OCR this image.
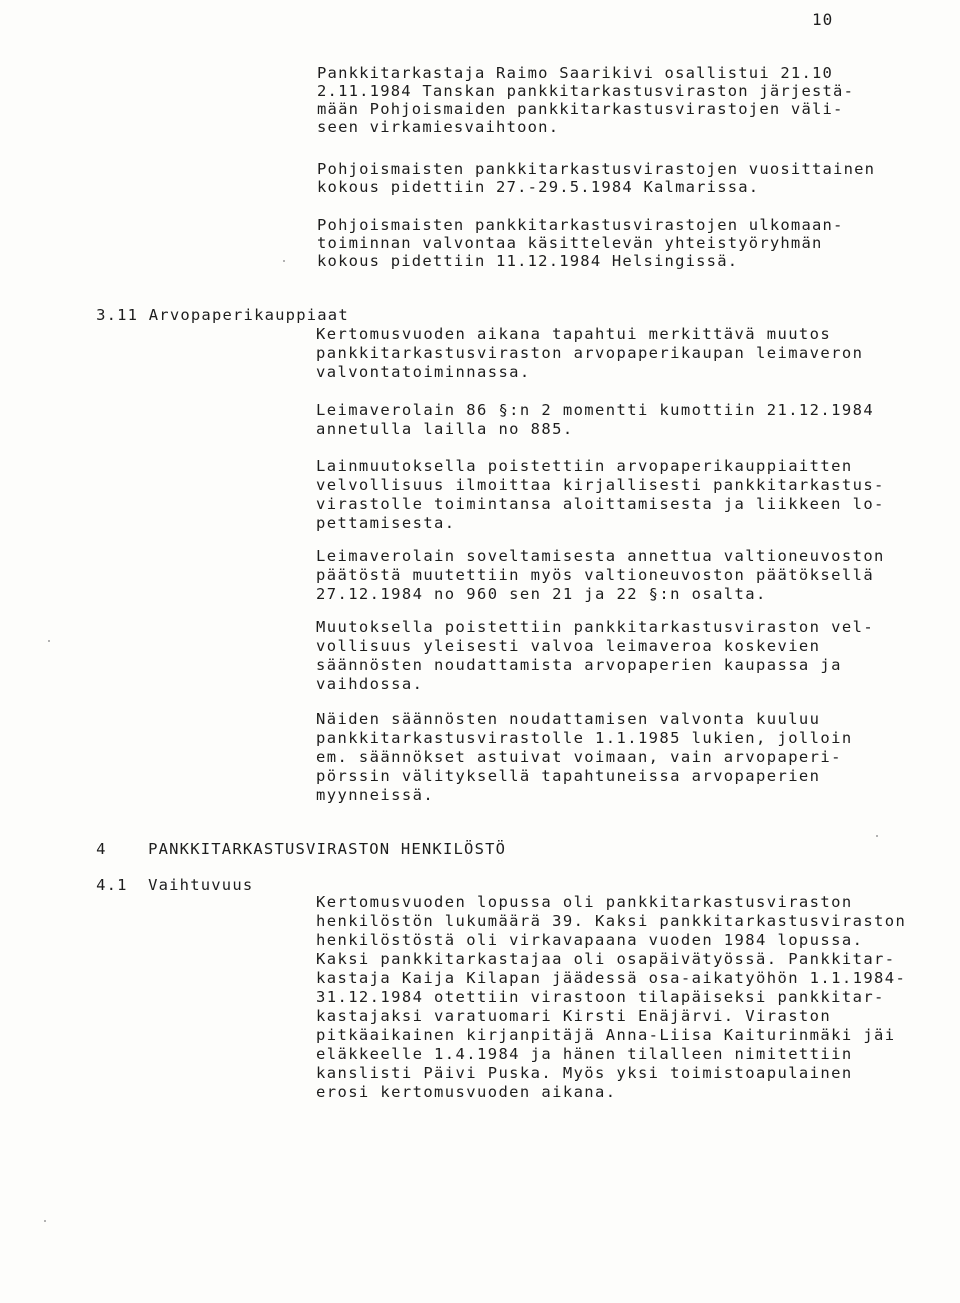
10

Pankkitarkastaja Raimo Saarikivi osallistui 21.10
2.11.1984 Tanskan pankkitarkastusviraston järjestä-
mään Pohjoismaiden pankkitarkastusvirastojen väli-
seen virkamiesvaihtoon.

Pohjoismaisten pankkitarkastusvirastojen vuosittainen
kokous pidettiin 27.-29.5.1984 Kalmarissa.

Pohjoismaisten pankkitarkastusvirastojen ulkomaan-
toiminnan valvontaa käsittelevän yhteistyöryhmän
kokous pidettiin 11.12.1984 Helsingissä.

3.11 Arvopaperikauppiaat

Kertomusvuoden aikana tapahtui merkittävä muutos
pankkitarkastusviraston arvopaperikaupan leimaveron
valvontatoiminnassa.

Leimaverolain 86 §:n 2 momentti kumottiin 21.12.1984
annetulla lailla no 885.

Lainmuutoksella poistettiin arvopaperikauppiaitten
velvollisuus ilmoittaa kirjallisesti pankkitarkastus-
virastolle toimintansa aloittamisesta ja liikkeen lo-
pettamisesta.

Leimaverolain soveltamisesta annettua valtioneuvoston
päätöstä muutettiin myös valtioneuvoston päätöksellä
27.12.1984 no 960 sen 21 ja 22 §:n osalta.

Muutoksella poistettiin pankkitarkastusviraston vel-
vollisuus yleisesti valvoa leimaveroa koskevien
säännösten noudattamista arvopaperien kaupassa ja
vaihdossa.

Näiden säännösten noudattamisen valvonta kuuluu
pankkitarkastusvirastolle 1.1.1985 lukien, jolloin
em. säännökset astuivat voimaan, vain arvopaperi-
pörssin välityksellä tapahtuneissa arvopaperien
myynneissä.

4	PANKKITARKASTUSVIRASTON HENKILÖSTÖ

4.1 Vaihtuvuus

Kertomusvuoden lopussa oli pankkitarkastusviraston
henkilöstön lukumäärä 39. Kaksi pankkitarkastusviraston
henkilöstöstä oli virkavapaana vuoden 1984 lopussa.
Kaksi pankkitarkastajaa oli osapäivätyössä. Pankkitar-
kastaja Kaija Kilapan jäädessä osa-aikatyöhön 1.1.1984-
31.12.1984 otettiin virastoon tilapäiseksi pankkitar-
kastajaksi varatuomari Kirsti Enäjärvi. Viraston
pitkäaikainen kirjanpitäjä Anna-Liisa Kaiturinmäki jäi
eläkkeelle 1.4.1984 ja hänen tilalleen nimitettiin
kanslisti Päivi Puska. Myös yksi toimistoapulainen
erosi kertomusvuoden aikana.
